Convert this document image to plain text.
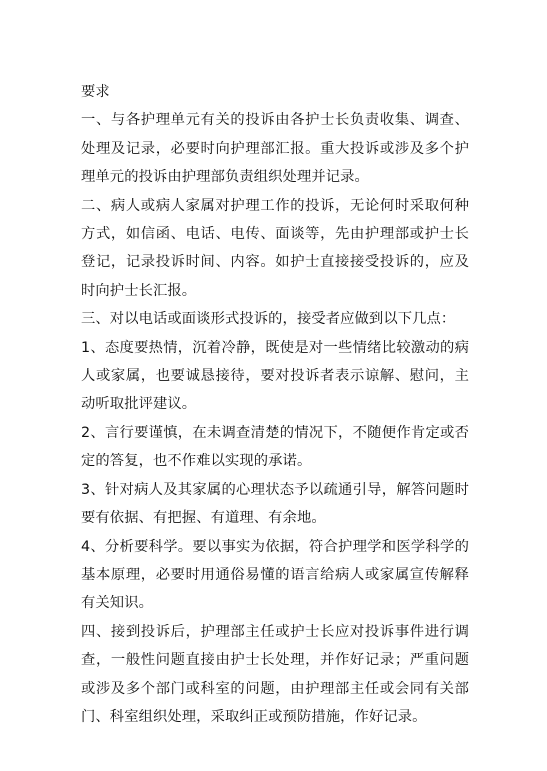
要求

一、与各护理单元有关的投诉由各护士长负责收集、调查、处理及记录，必要时向护理部汇报。重大投诉或涉及多个护理单元的投诉由护理部负责组织处理并记录。

二、病人或病人家属对护理工作的投诉，无论何时采取何种方式，如信函、电话、电传、面谈等，先由护理部或护士长登记，记录投诉时间、内容。如护士直接接受投诉的，应及时向护士长汇报。

三、对以电话或面谈形式投诉的，接受者应做到以下几点：

1、态度要热情，沉着冷静，既使是对一些情绪比较激动的病人或家属，也要诚恳接待，要对投诉者表示谅解、慰问，主动听取批评建议。

2、言行要谨慎，在未调查清楚的情况下，不随便作肯定或否定的答复，也不作难以实现的承诺。

3、针对病人及其家属的心理状态予以疏通引导，解答问题时要有依据、有把握、有道理、有余地。

4、分析要科学。要以事实为依据，符合护理学和医学科学的基本原理，必要时用通俗易懂的语言给病人或家属宣传解释有关知识。

四、接到投诉后，护理部主任或护士长应对投诉事件进行调查，一般性问题直接由护士长处理，并作好记录；严重问题或涉及多个部门或科室的问题，由护理部主任或会同有关部门、科室组织处理，采取纠正或预防措施，作好记录。
